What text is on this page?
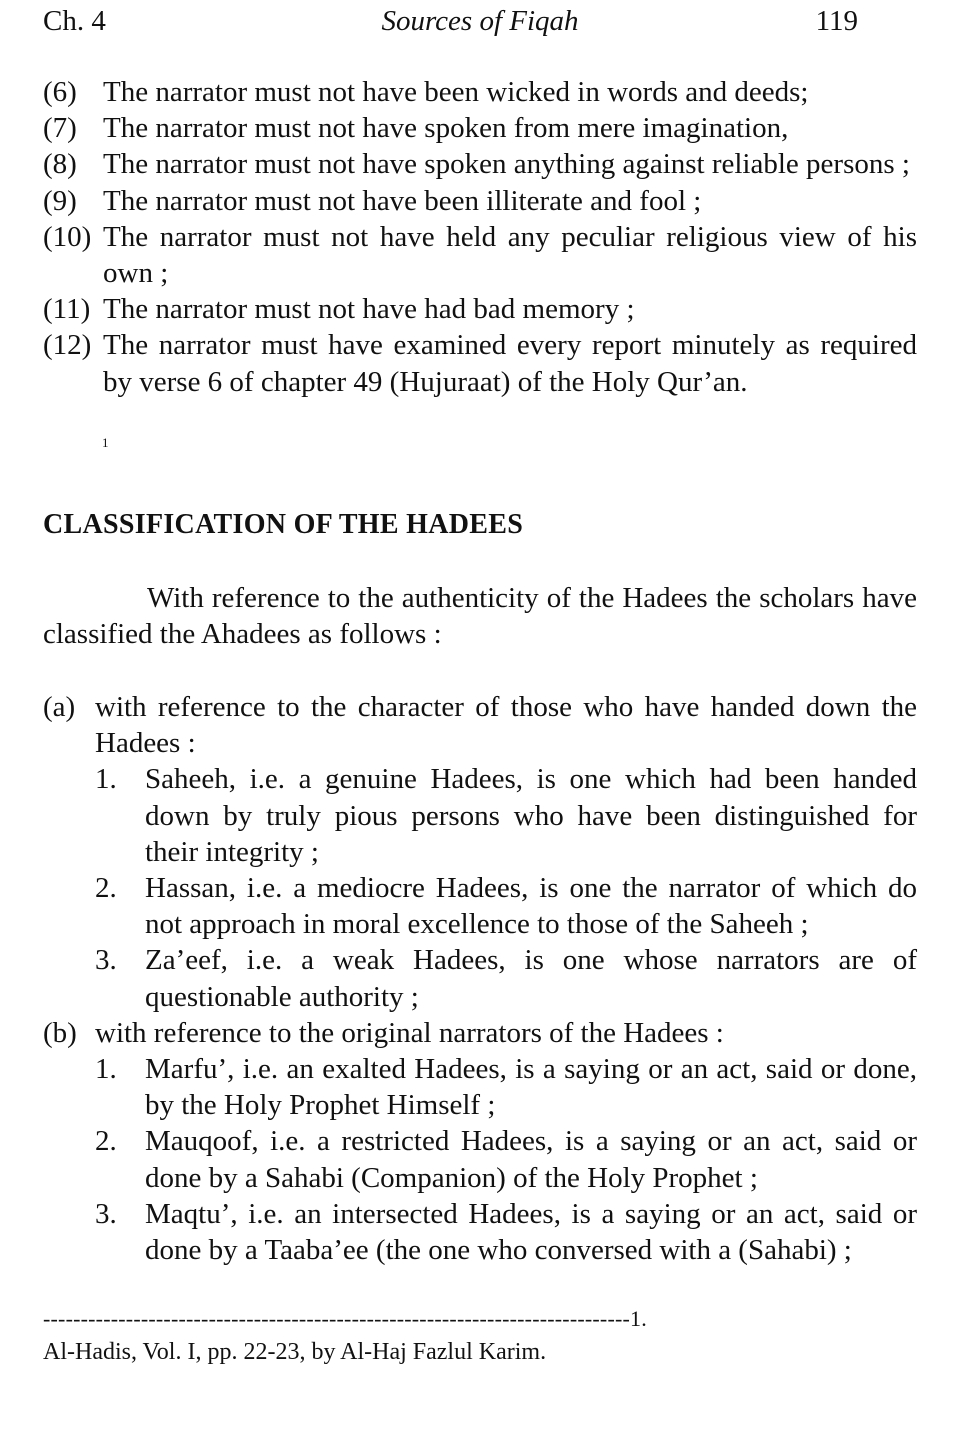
Ch. 4	Sources of Fiqah	119
(6) The narrator must not have been wicked in words and deeds;
(7) The narrator must not have spoken from mere imagination,
(8) The narrator must not have spoken anything against reliable persons ;
(9) The narrator must not have been illiterate and fool ;
(10) The narrator must not have held any peculiar religious view of his own ;
(11) The narrator must not have had bad memory ;
(12) The narrator must have examined every report minutely as required by verse 6 of chapter 49 (Hujuraat) of the Holy Qur’an.
1
CLASSIFICATION OF THE HADEES
With reference to the authenticity of the Hadees the scholars have classified the Ahadees as follows :
(a) with reference to the character of those who have handed down the Hadees :
1. Saheeh, i.e. a genuine Hadees, is one which had been handed down by truly pious persons who have been distinguished for their integrity ;
2. Hassan, i.e. a mediocre Hadees, is one the narrator of which do not approach in moral excellence to those of the Saheeh ;
3. Za’eef, i.e. a weak Hadees, is one whose narrators are of questionable authority ;
(b) with reference to the original narrators of the Hadees :
1. Marfu’, i.e. an exalted Hadees, is a saying or an act, said or done, by the Holy Prophet Himself ;
2. Mauqoof, i.e. a restricted Hadees, is a saying or an act, said or done by a Sahabi (Companion) of the Holy Prophet ;
3. Maqtu’, i.e. an intersected Hadees, is a saying or an act, said or done by a Taaba’ee (the one who conversed with a (Sahabi) ;
------------------------------------------------------------------------------1.
Al-Hadis, Vol. I, pp. 22-23, by Al-Haj Fazlul Karim.
